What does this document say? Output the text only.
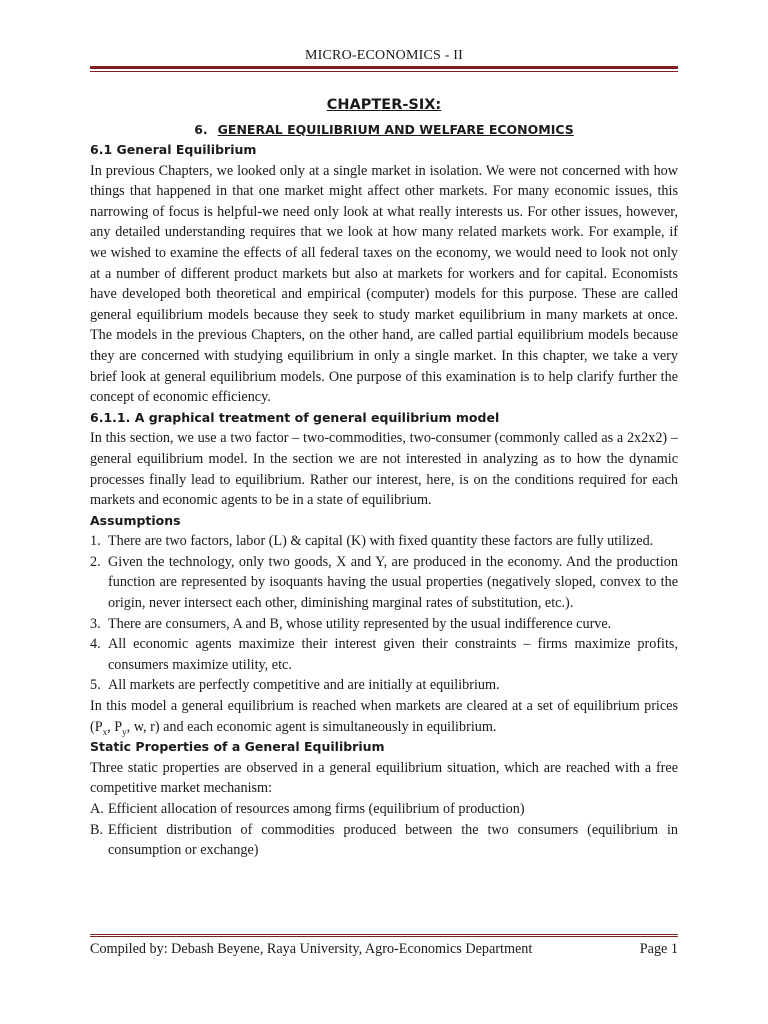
MICRO-ECONOMICS - II
CHAPTER-SIX:
6. GENERAL EQUILIBRIUM AND WELFARE ECONOMICS
6.1 General Equilibrium

In previous Chapters, we looked only at a single market in isolation. We were not concerned with how things that happened in that one market might affect other markets. For many economic issues, this narrowing of focus is helpful-we need only look at what really interests us. For other issues, however, any detailed understanding requires that we look at how many related markets work. For example, if we wished to examine the effects of all federal taxes on the economy, we would need to look not only at a number of different product markets but also at markets for workers and for capital. Economists have developed both theoretical and empirical (computer) models for this purpose. These are called general equilibrium models because they seek to study market equilibrium in many markets at once. The models in the previous Chapters, on the other hand, are called partial equilibrium models because they are concerned with studying equilibrium in only a single market. In this chapter, we take a very brief look at general equilibrium models. One purpose of this examination is to help clarify further the concept of economic efficiency.

6.1.1. A graphical treatment of general equilibrium model

In this section, we use a two factor – two-commodities, two-consumer (commonly called as a 2x2x2) – general equilibrium model. In the section we are not interested in analyzing as to how the dynamic processes finally lead to equilibrium. Rather our interest, here, is on the conditions required for each markets and economic agents to be in a state of equilibrium.

Assumptions
1. There are two factors, labor (L) & capital (K) with fixed quantity these factors are fully utilized.
2. Given the technology, only two goods, X and Y, are produced in the economy. And the production function are represented by isoquants having the usual properties (negatively sloped, convex to the origin, never intersect each other, diminishing marginal rates of substitution, etc.).
3. There are consumers, A and B, whose utility represented by the usual indifference curve.
4. All economic agents maximize their interest given their constraints – firms maximize profits, consumers maximize utility, etc.
5. All markets are perfectly competitive and are initially at equilibrium.

In this model a general equilibrium is reached when markets are cleared at a set of equilibrium prices ($P_x$, $P_y$, w, r) and each economic agent is simultaneously in equilibrium.

Static Properties of a General Equilibrium

Three static properties are observed in a general equilibrium situation, which are reached with a free competitive market mechanism:

A. Efficient allocation of resources among firms (equilibrium of production)
B. Efficient distribution of commodities produced between the two consumers (equilibrium in consumption or exchange)
Compiled by: Debash Beyene, Raya University, Agro-Economics Department	Page 1
